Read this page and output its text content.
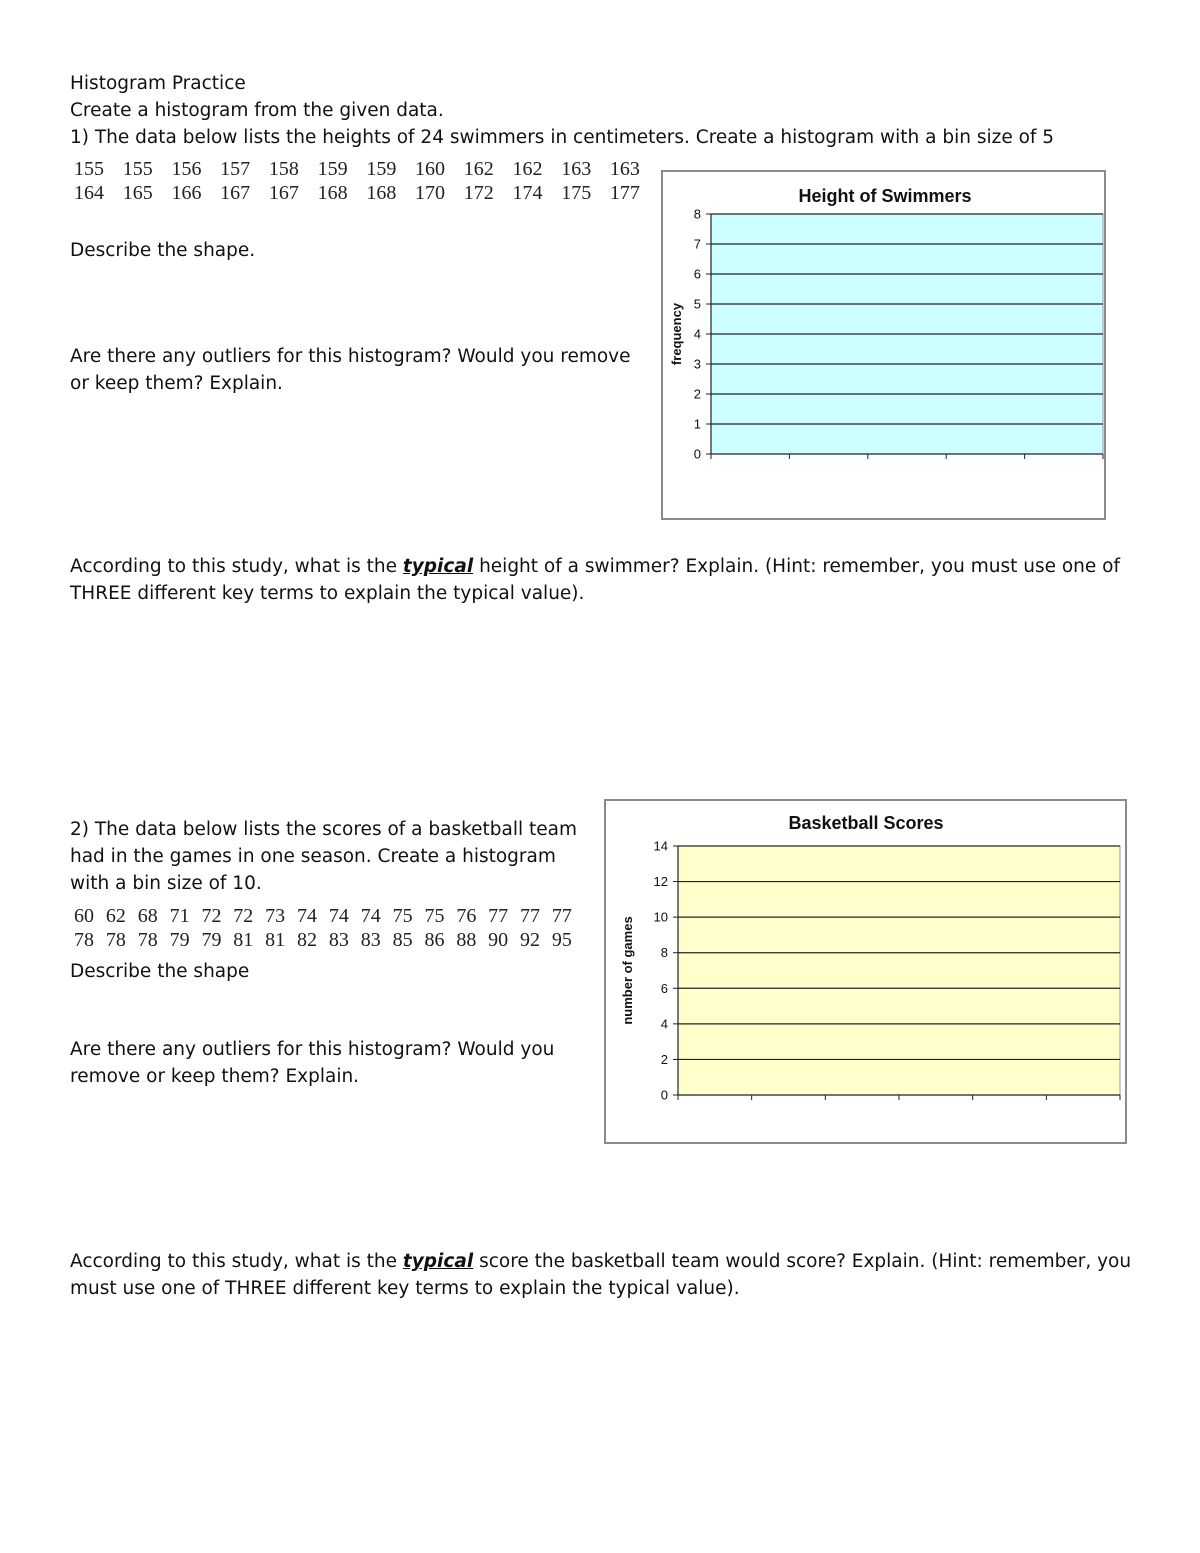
Histogram Practice
Create a histogram from the given data.
1) The data below lists the heights of 24 swimmers in centimeters. Create a histogram with a bin size of 5
155 155 156 157 158 159 159 160 162 162 163 163
164 165 166 167 167 168 168 170 172 174 175 177
Describe the shape.
Are there any outliers for this histogram? Would you remove or keep them? Explain.
Height of Swimmers
0
1
2
3
4
5
6
7
8
frequency
According to this study, what is the typical height of a swimmer? Explain. (Hint: remember, you must use one of THREE different key terms to explain the typical value).
2) The data below lists the scores of a basketball team had in the games in one season. Create a histogram with a bin size of 10.
60 62 68 71 72 72 73 74 74 74 75 75 76 77 77 77
78 78 78 79 79 81 81 82 83 83 85 86 88 90 92 95
Describe the shape
Are there any outliers for this histogram? Would you remove or keep them? Explain.
Basketball Scores
0
2
4
6
8
10
12
14
number of games
According to this study, what is the typical score the basketball team would score? Explain. (Hint: remember, you must use one of THREE different key terms to explain the typical value).
